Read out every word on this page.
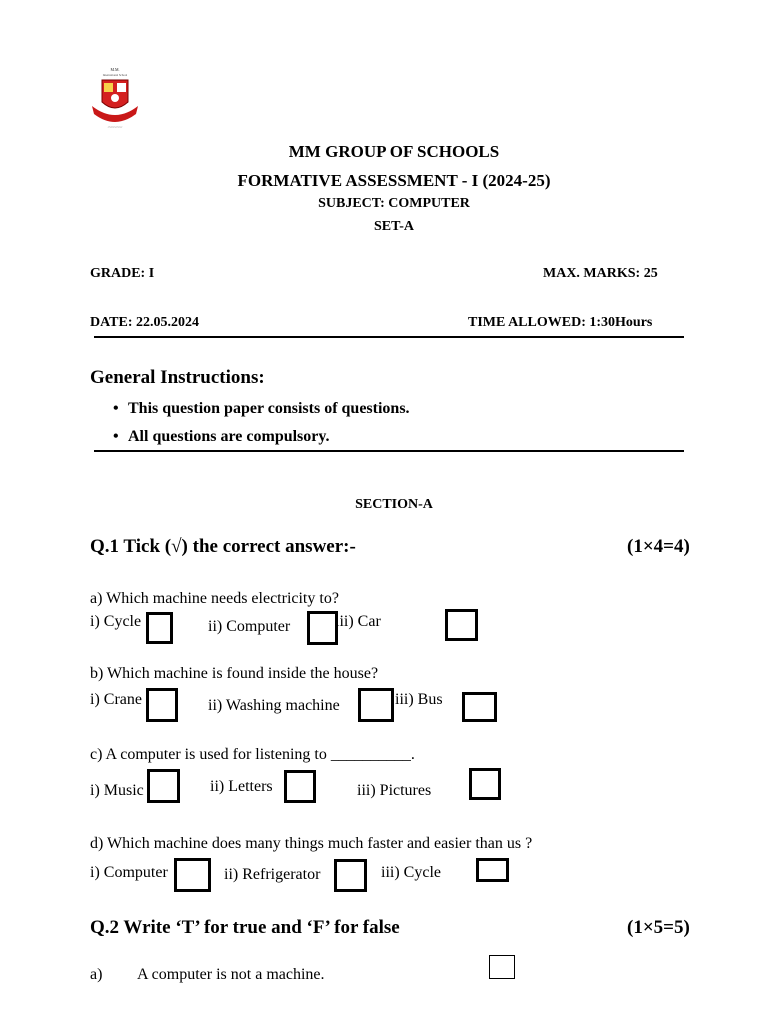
M.M.
International School
~~~~~~~~~
MM GROUP OF SCHOOLS
FORMATIVE ASSESSMENT - I (2024-25)
SUBJECT: COMPUTER
SET-A
GRADE: I	MAX. MARKS: 25
DATE: 22.05.2024	TIME ALLOWED: 1:30Hours
General Instructions:
• This question paper consists of questions.
• All questions are compulsory.
SECTION-A
Q.1 Tick (√) the correct answer:-	(1×4=4)
a) Which machine needs electricity to?
i) Cycle	ii) Computer	iii) Car
b) Which machine is found inside the house?
i) Crane	ii) Washing machine	iii) Bus
c) A computer is used for listening to __________.
i) Music	ii) Letters	iii) Pictures
d) Which machine does many things much faster and easier than us ?
i) Computer	ii) Refrigerator	iii) Cycle
Q.2 Write ‘T’ for true and ‘F’ for false	(1×5=5)
a) A computer is not a machine.
